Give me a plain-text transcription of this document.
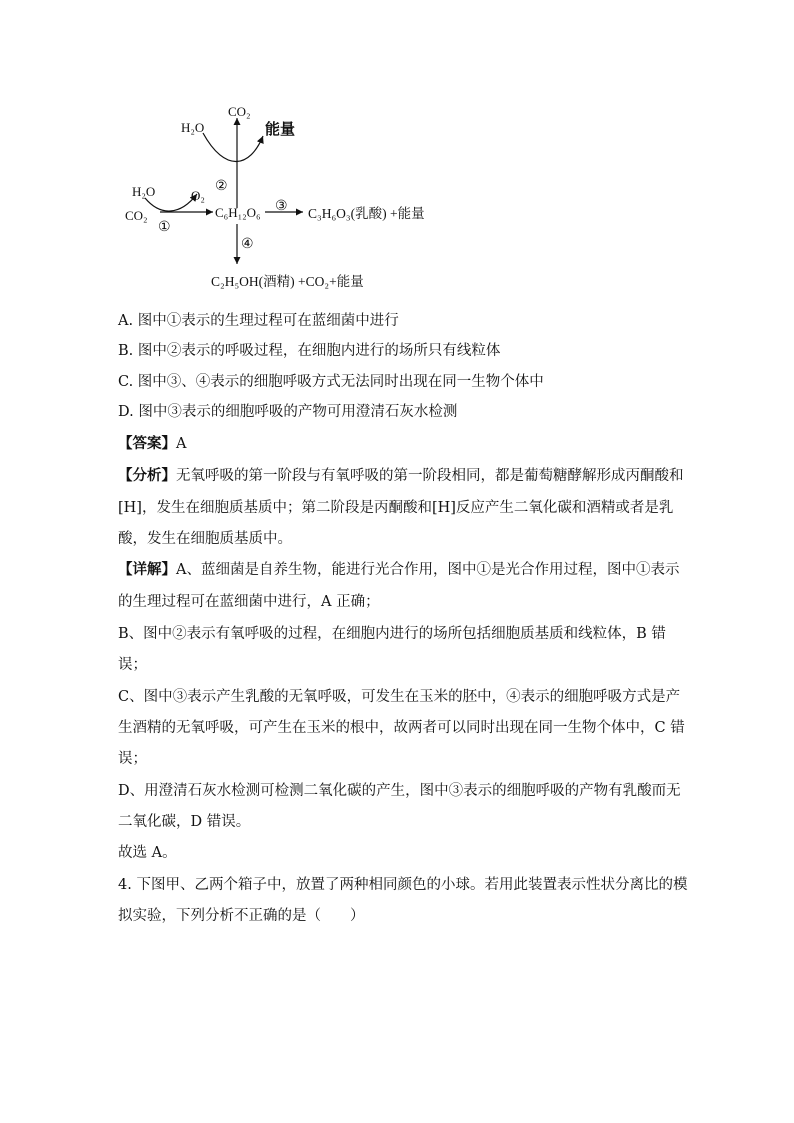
H₂O
CO₂
能量
②
H₂O	O₂
CO₂
①
C₆H₁₂O₆ ③ C₃H₆O₃(乳酸) +能量
④
C₂H₅OH(酒精) +CO₂+能量
A. 图中①表示的生理过程可在蓝细菌中进行
B. 图中②表示的呼吸过程，在细胞内进行的场所只有线粒体
C. 图中③、④表示的细胞呼吸方式无法同时出现在同一生物个体中
D. 图中③表示的细胞呼吸的产物可用澄清石灰水检测
【答案】A
【分析】无氧呼吸的第一阶段与有氧呼吸的第一阶段相同，都是葡萄糖酵解形成丙酮酸和
[H]，发生在细胞质基质中；第二阶段是丙酮酸和[H]反应产生二氧化碳和酒精或者是乳
酸，发生在细胞质基质中。
【详解】A、蓝细菌是自养生物，能进行光合作用，图中①是光合作用过程，图中①表示
的生理过程可在蓝细菌中进行，A 正确；
B、图中②表示有氧呼吸的过程，在细胞内进行的场所包括细胞质基质和线粒体，B 错
误；
C、图中③表示产生乳酸的无氧呼吸，可发生在玉米的胚中，④表示的细胞呼吸方式是产
生酒精的无氧呼吸，可产生在玉米的根中，故两者可以同时出现在同一生物个体中，C 错
误；
D、用澄清石灰水检测可检测二氧化碳的产生，图中③表示的细胞呼吸的产物有乳酸而无
二氧化碳，D 错误。
故选 A。
4. 下图甲、乙两个箱子中，放置了两种相同颜色的小球。若用此装置表示性状分离比的模
拟实验，下列分析不正确的是（　　）
